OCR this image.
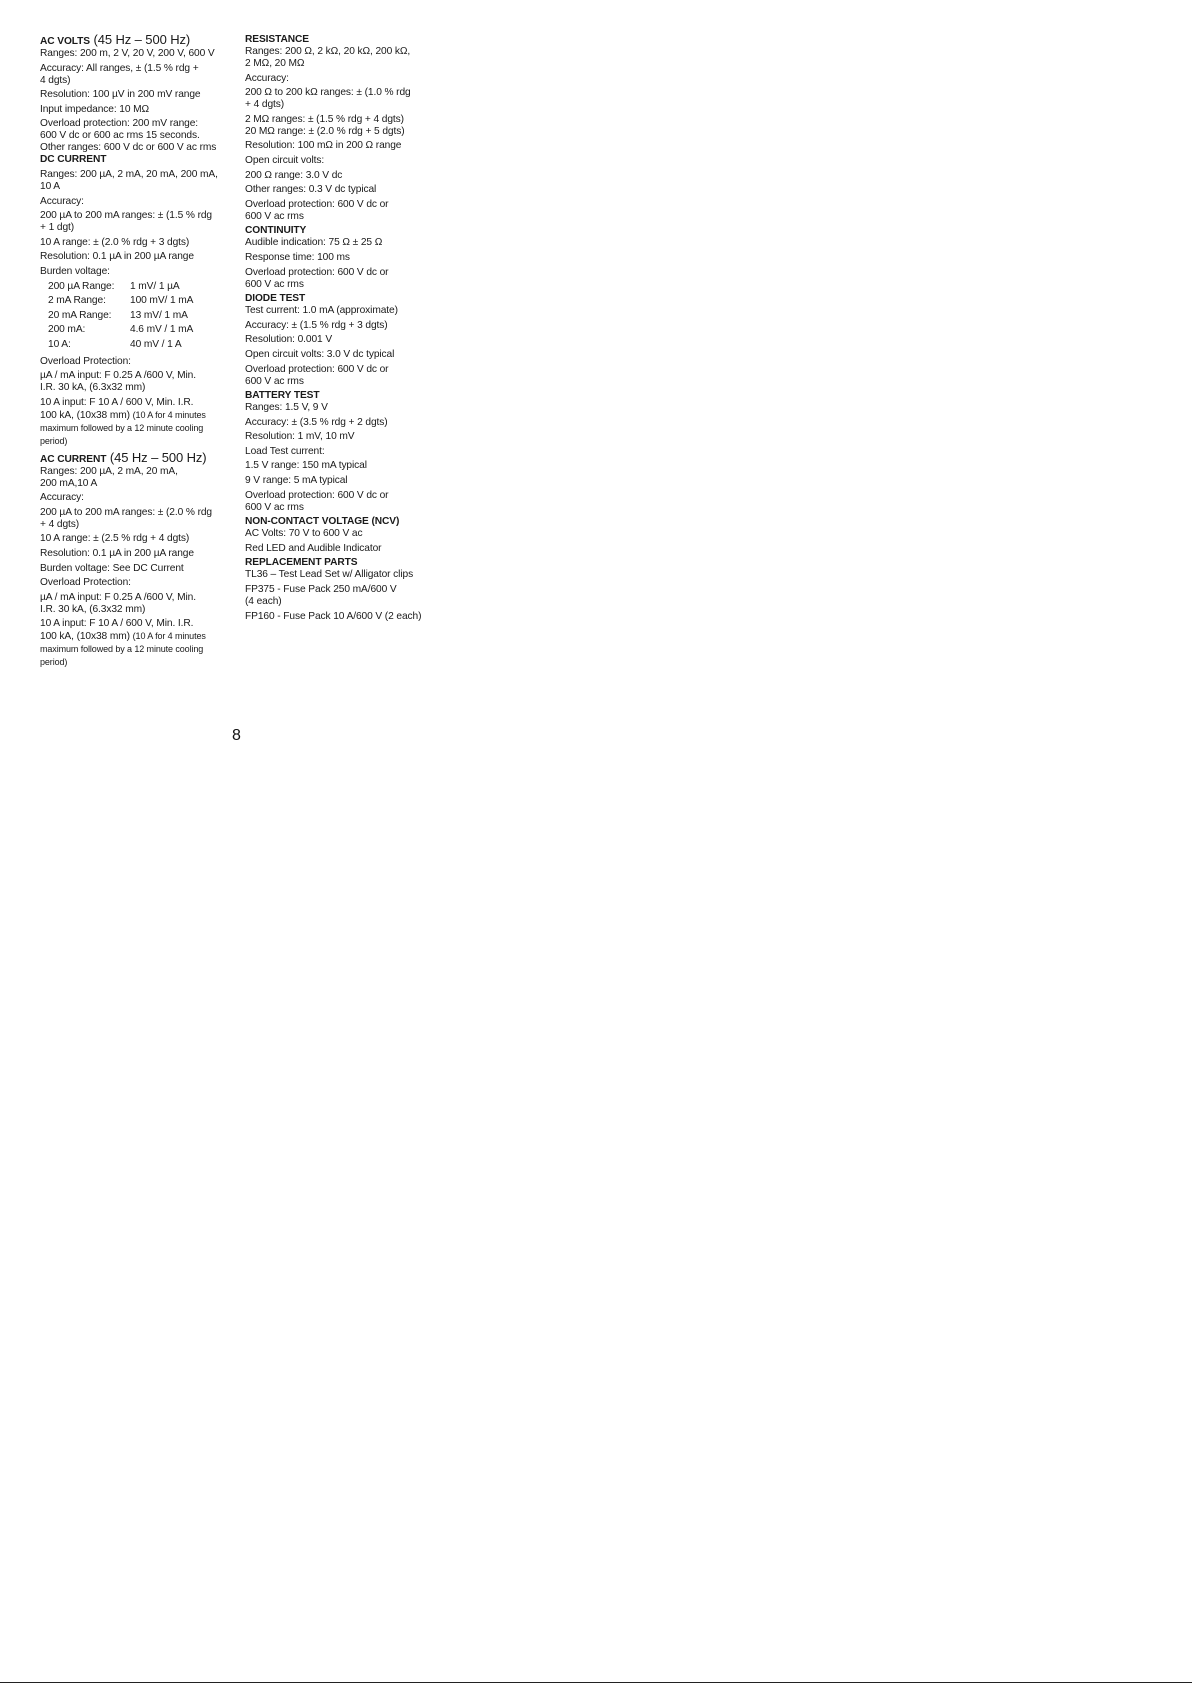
AC VOLTS (45 Hz – 500 Hz)
Ranges: 200 m, 2 V, 20 V, 200 V, 600 V
Accuracy: All ranges, ± (1.5 % rdg +
4 dgts)
Resolution: 100 µV in 200 mV range
Input impedance: 10 MΩ
Overload protection: 200 mV range:
600 V dc or 600 ac rms 15 seconds.
Other ranges: 600 V dc or 600 V ac rms
DC CURRENT
Ranges: 200 µA, 2 mA, 20 mA, 200 mA,
10 A
Accuracy:
200 µA to 200 mA ranges: ± (1.5 % rdg
+ 1 dgt)
10 A range: ± (2.0 % rdg + 3 dgts)
Resolution: 0.1 µA in 200 µA range
Burden voltage:
200 µA Range:	1 mV/ 1 µA
2 mA Range:	100 mV/ 1 mA
20 mA Range:	13 mV/ 1 mA
200 mA:	4.6 mV / 1 mA
10 A:	40 mV / 1 A
Overload Protection:
µA / mA input: F 0.25 A /600 V, Min.
I.R. 30 kA, (6.3x32 mm)
10 A input: F 10 A / 600 V, Min. I.R.
100 kA, (10x38 mm) (10 A for 4 minutes
maximum followed by a 12 minute cooling
period)
AC CURRENT (45 Hz – 500 Hz)
Ranges: 200 µA, 2 mA, 20 mA,
200 mA,10 A
Accuracy:
200 µA to 200 mA ranges: ± (2.0 % rdg
+ 4 dgts)
10 A range: ± (2.5 % rdg + 4 dgts)
Resolution: 0.1 µA in 200 µA range
Burden voltage: See DC Current
Overload Protection:
µA / mA input: F 0.25 A /600 V, Min.
I.R. 30 kA, (6.3x32 mm)
10 A input: F 10 A / 600 V, Min. I.R.
100 kA, (10x38 mm) (10 A for 4 minutes
maximum followed by a 12 minute cooling
period)
RESISTANCE
Ranges: 200 Ω, 2 kΩ, 20 kΩ, 200 kΩ,
2 MΩ, 20 MΩ
Accuracy:
200 Ω to 200 kΩ ranges: ± (1.0 % rdg
+ 4 dgts)
2 MΩ ranges: ± (1.5 % rdg + 4 dgts)
20 MΩ range: ± (2.0 % rdg + 5 dgts)
Resolution: 100 mΩ in 200 Ω range
Open circuit volts:
200 Ω range: 3.0 V dc
Other ranges: 0.3 V dc typical
Overload protection: 600 V dc or
600 V ac rms
CONTINUITY
Audible indication: 75 Ω ± 25 Ω
Response time: 100 ms
Overload protection: 600 V dc or
600 V ac rms
DIODE TEST
Test current: 1.0 mA (approximate)
Accuracy: ± (1.5 % rdg + 3 dgts)
Resolution: 0.001 V
Open circuit volts: 3.0 V dc typical
Overload protection: 600 V dc or
600 V ac rms
BATTERY TEST
Ranges: 1.5 V, 9 V
Accuracy: ± (3.5 % rdg + 2 dgts)
Resolution: 1 mV, 10 mV
Load Test current:
1.5 V range: 150 mA typical
9 V range: 5 mA typical
Overload protection: 600 V dc or
600 V ac rms
NON-CONTACT VOLTAGE (NCV)
AC Volts: 70 V to 600 V ac
Red LED and Audible Indicator
REPLACEMENT PARTS
TL36 – Test Lead Set w/ Alligator clips
FP375 - Fuse Pack 250 mA/600 V
(4 each)
FP160 - Fuse Pack 10 A/600 V (2 each)
8
